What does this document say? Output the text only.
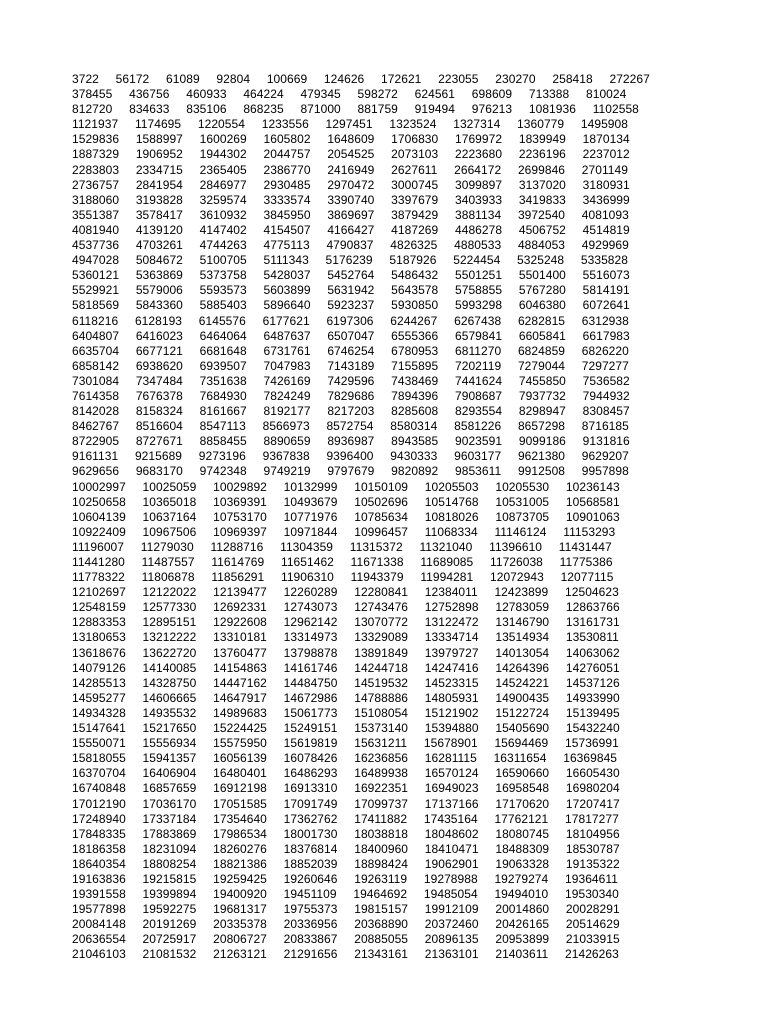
3722  56172  61089  92804  100669  124626  172621  223055  230270  258418  272267
378455  436756  460933  464224  479345  598272  624561  698609  713388  810024
812720  834633  835106  868235  871000  881759  919494  976213  1081936  1102558
1121937  1174695  1220554  1233556  1297451  1323524  1327314  1360779  1495908
1529836  1588997  1600269  1605802  1648609  1706830  1769972  1839949  1870134
1887329  1906952  1944302  2044757  2054525  2073103  2223680  2236196  2237012
2283803  2334715  2365405  2386770  2416949  2627611  2664172  2699846  2701149
2736757  2841954  2846977  2930485  2970472  3000745  3099897  3137020  3180931
3188060  3193828  3259574  3333574  3390740  3397679  3403933  3419833  3436999
3551387  3578417  3610932  3845950  3869697  3879429  3881134  3972540  4081093
4081940  4139120  4147402  4154507  4166427  4187269  4486278  4506752  4514819
4537736  4703261  4744263  4775113  4790837  4826325  4880533  4884053  4929969
4947028  5084672  5100705  5111343  5176239  5187926  5224454  5325248  5335828
5360121  5363869  5373758  5428037  5452764  5486432  5501251  5501400  5516073
5529921  5579006  5593573  5603899  5631942  5643578  5758855  5767280  5814191
5818569  5843360  5885403  5896640  5923237  5930850  5993298  6046380  6072641
6118216  6128193  6145576  6177621  6197306  6244267  6267438  6282815  6312938
6404807  6416023  6464064  6487637  6507047  6555366  6579841  6605841  6617983
6635704  6677121  6681648  6731761  6746254  6780953  6811270  6824859  6826220
6858142  6938620  6939507  7047983  7143189  7155895  7202119  7279044  7297277
7301084  7347484  7351638  7426169  7429596  7438469  7441624  7455850  7536582
7614358  7676378  7684930  7824249  7829686  7894396  7908687  7937732  7944932
8142028  8158324  8161667  8192177  8217203  8285608  8293554  8298947  8308457
8462767  8516604  8547113  8566973  8572754  8580314  8581226  8657298  8716185
8722905  8727671  8858455  8890659  8936987  8943585  9023591  9099186  9131816
9161131  9215689  9273196  9367838  9396400  9430333  9603177  9621380  9629207
9629656  9683170  9742348  9749219  9797679  9820892  9853611  9912508  9957898
10002997  10025059  10029892  10132999  10150109  10205503  10205530  10236143
10250658  10365018  10369391  10493679  10502696  10514768  10531005  10568581
10604139  10637164  10753170  10771976  10785634  10818026  10873705  10901063
10922409  10967506  10969397  10971844  10996457  11068334  11146124  11153293
11196007  11279030  11288716  11304359  11315372  11321040  11396610  11431447
11441280  11487557  11614769  11651462  11671338  11689085  11726038  11775386
11778322  11806878  11856291  11906310  11943379  11994281  12072943  12077115
12102697  12122022  12139477  12260289  12280841  12384011  12423899  12504623
12548159  12577330  12692331  12743073  12743476  12752898  12783059  12863766
12883353  12895151  12922608  12962142  13070772  13122472  13146790  13161731
13180653  13212222  13310181  13314973  13329089  13334714  13514934  13530811
13618676  13622720  13760477  13798878  13891849  13979727  14013054  14063062
14079126  14140085  14154863  14161746  14244718  14247416  14264396  14276051
14285513  14328750  14447162  14484750  14519532  14523315  14524221  14537126
14595277  14606665  14647917  14672986  14788886  14805931  14900435  14933990
14934328  14935532  14989683  15061773  15108054  15121902  15122724  15139495
15147641  15217650  15224425  15249151  15373140  15394880  15405690  15432240
15550071  15556934  15575950  15619819  15631211  15678901  15694469  15736991
15818055  15941357  16056139  16078426  16236856  16281115  16311654  16369845
16370704  16406904  16480401  16486293  16489938  16570124  16590660  16605430
16740848  16857659  16912198  16913310  16922351  16949023  16958548  16980204
17012190  17036170  17051585  17091749  17099737  17137166  17170620  17207417
17248940  17337184  17354640  17362762  17411882  17435164  17762121  17817277
17848335  17883869  17986534  18001730  18038818  18048602  18080745  18104956
18186358  18231094  18260276  18376814  18400960  18410471  18488309  18530787
18640354  18808254  18821386  18852039  18898424  19062901  19063328  19135322
19163836  19215815  19259425  19260646  19263119  19278988  19279274  19364611
19391558  19399894  19400920  19451109  19464692  19485054  19494010  19530340
19577898  19592275  19681317  19755373  19815157  19912109  20014860  20028291
20084148  20191269  20335378  20336956  20368890  20372460  20426165  20514629
20636554  20725917  20806727  20833867  20885055  20896135  20953899  21033915
21046103  21081532  21263121  21291656  21343161  21363101  21403611  21426263
